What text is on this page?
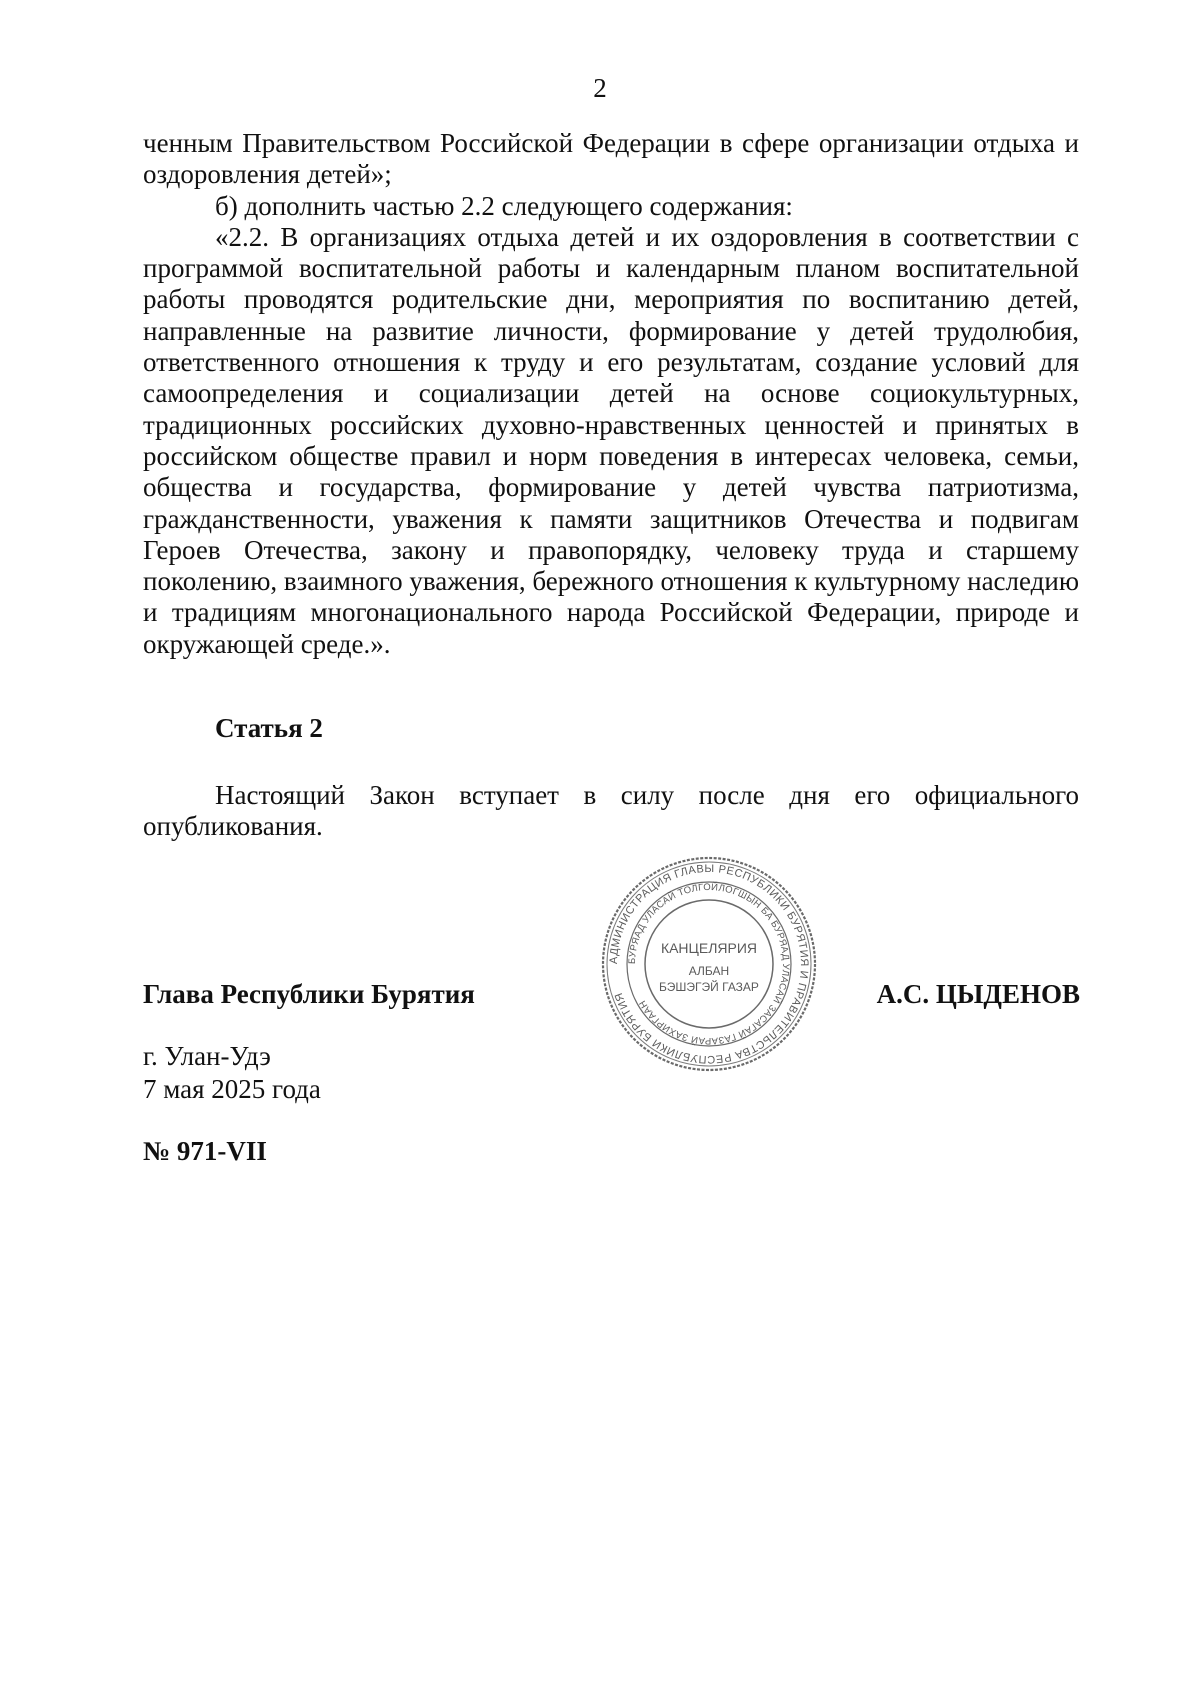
2

ченным Правительством Российской Федерации в сфере организации отдыха и оздоровления детей»;

б) дополнить частью 2.2 следующего содержания:

«2.2. В организациях отдыха детей и их оздоровления в соответствии с программой воспитательной работы и календарным планом воспитательной работы проводятся родительские дни, мероприятия по воспитанию детей, направленные на развитие личности, формирование у детей трудолюбия, ответственного отношения к труду и его результатам, создание условий для самоопределения и социализации детей на основе социокультурных, традиционных российских духовно-нравственных ценностей и принятых в российском обществе правил и норм поведения в интересах человека, семьи, общества и государства, формирование у детей чувства патриотизма, гражданственности, уважения к памяти защитников Отечества и подвигам Героев Отечества, закону и правопорядку, человеку труда и старшему поколению, взаимного уважения, бережного отношения к культурному наследию и традициям многонационального народа Российской Федерации, природе и окружающей среде.».

Статья 2

Настоящий Закон вступает в силу после дня его официального опубликования.

Глава Республики Бурятия
АДМИНИСТРАЦИЯ ГЛАВЫ РЕСПУБЛИКИ БУРЯТИЯ И ПРАВИТЕЛЬСТВА РЕСПУБЛИКИ БУРЯТИЯ
БУРЯАД УЛАСАЙ ТОЛГОЙЛОГШЫН БА БУРЯАД УЛАСАЙ ЗАСАГАЙ ГАЗАРАЙ ЗАХИРГААН
КАНЦЕЛЯРИЯ
АЛБАН
БЭШЭГЭЙ ГАЗАР	А.С. ЦЫДЕНОВ
г. Улан-Удэ
7 мая 2025 года
№ 971-VII
